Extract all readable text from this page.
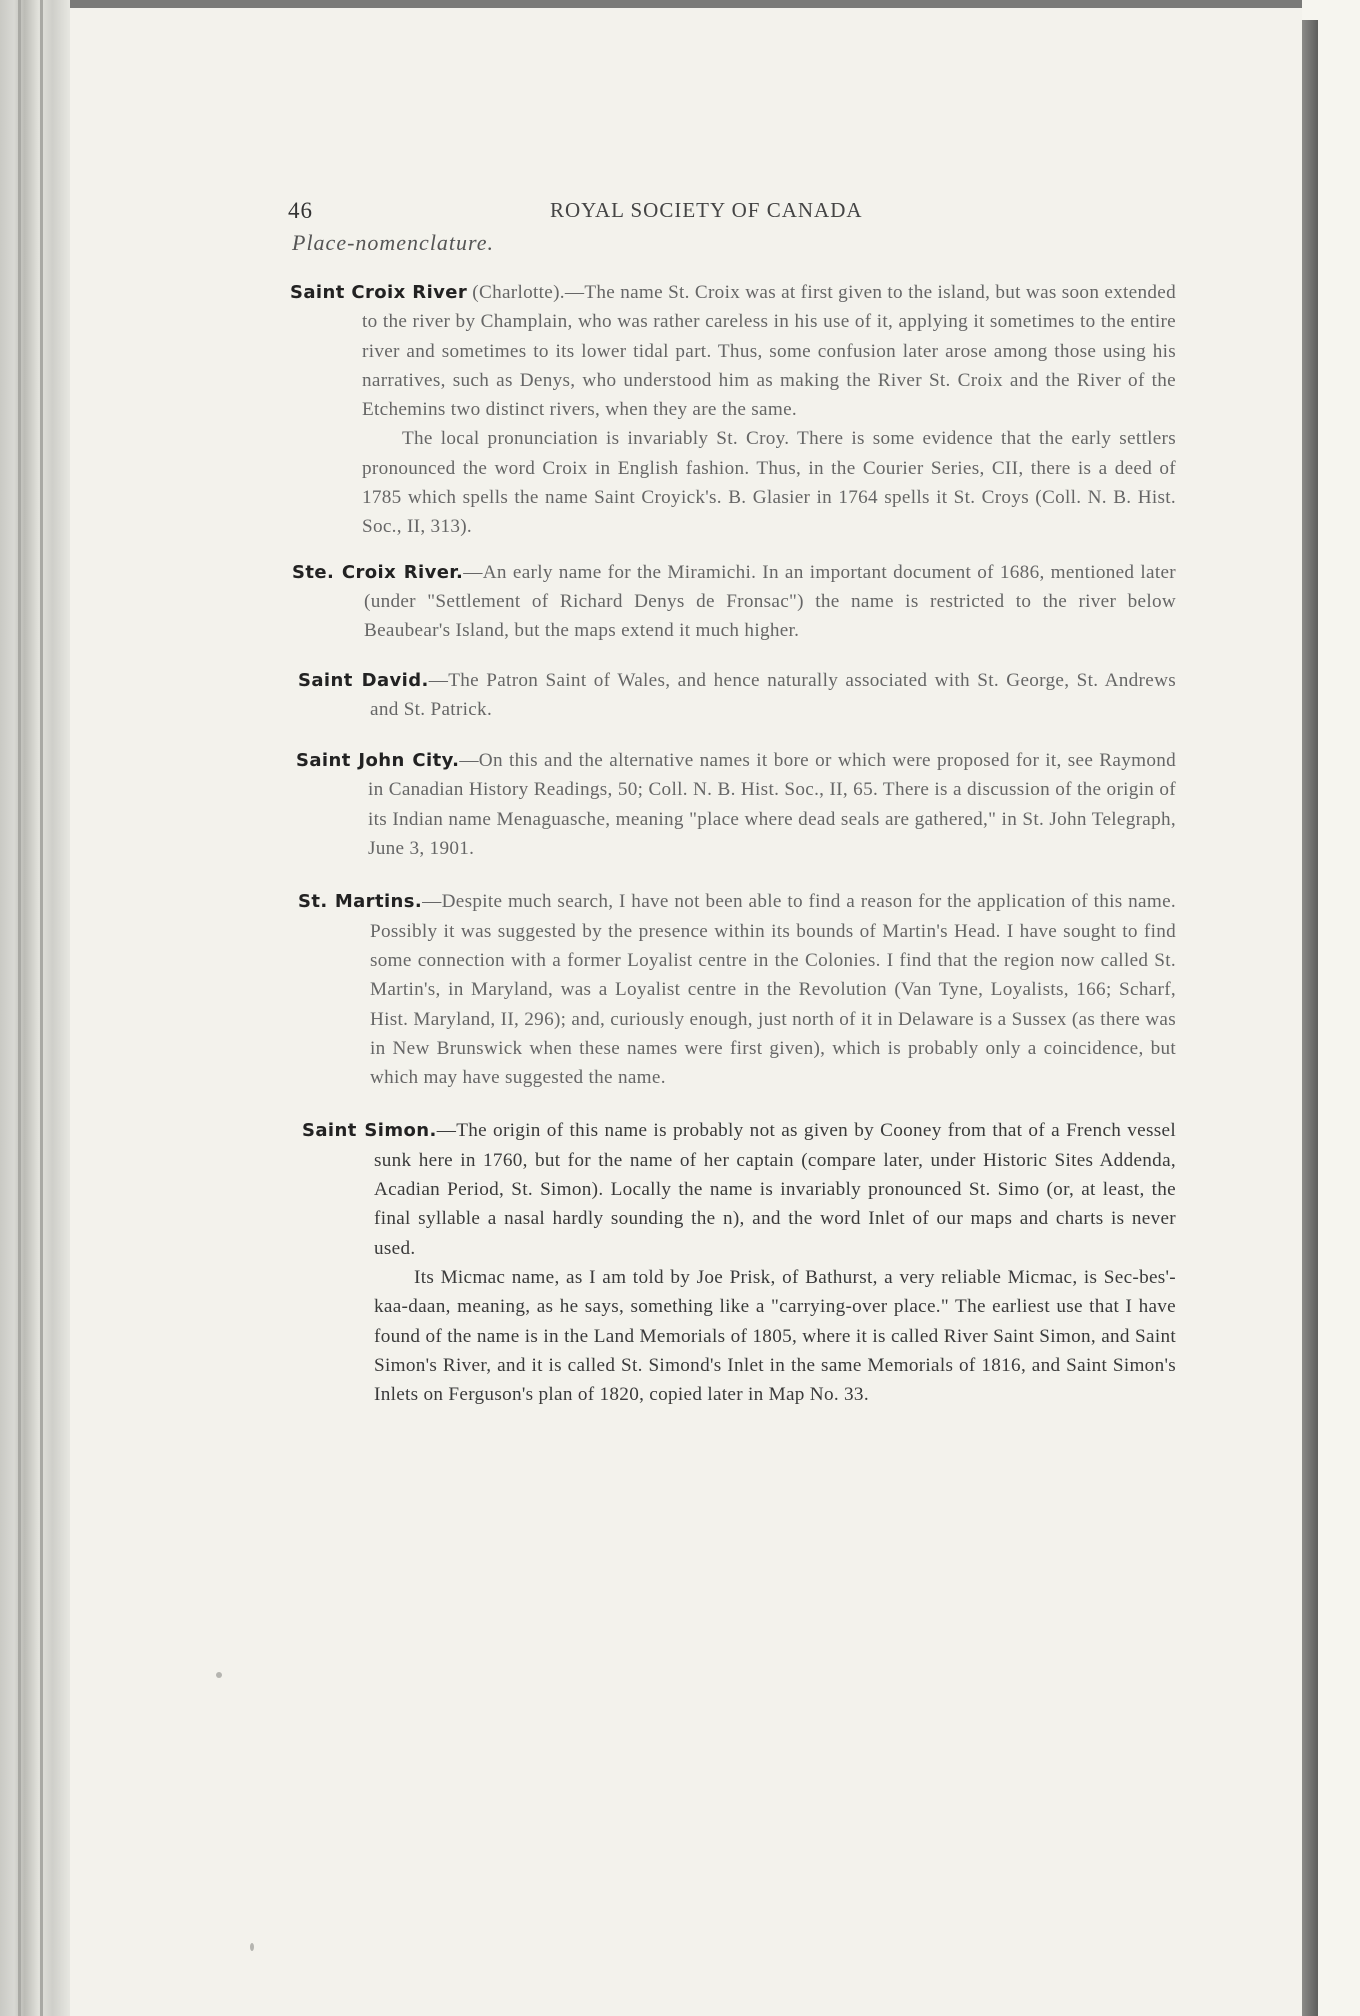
46	ROYAL SOCIETY OF CANADA
Place-nomenclature.

Saint Croix River (Charlotte).—The name St. Croix was at first given to the island, but was soon extended to the river by Champlain, who was rather careless in his use of it, applying it sometimes to the entire river and sometimes to its lower tidal part. Thus, some confusion later arose among those using his narratives, such as Denys, who understood him as making the River St. Croix and the River of the Etchemins two distinct rivers, when they are the same.

The local pronunciation is invariably St. Croy. There is some evidence that the early settlers pronounced the word Croix in English fashion. Thus, in the Courier Series, CII, there is a deed of 1785 which spells the name Saint Croyick's. B. Glasier in 1764 spells it St. Croys (Coll. N. B. Hist. Soc., II, 313).

Ste. Croix River.—An early name for the Miramichi. In an important document of 1686, mentioned later (under "Settlement of Richard Denys de Fronsac") the name is restricted to the river below Beaubear's Island, but the maps extend it much higher.

Saint David.—The Patron Saint of Wales, and hence naturally associated with St. George, St. Andrews and St. Patrick.

Saint John City.—On this and the alternative names it bore or which were proposed for it, see Raymond in Canadian History Readings, 50; Coll. N. B. Hist. Soc., II, 65. There is a discussion of the origin of its Indian name Menaguasche, meaning "place where dead seals are gathered," in St. John Telegraph, June 3, 1901.

St. Martins.—Despite much search, I have not been able to find a reason for the application of this name. Possibly it was suggested by the presence within its bounds of Martin's Head. I have sought to find some connection with a former Loyalist centre in the Colonies. I find that the region now called St. Martin's, in Maryland, was a Loyalist centre in the Revolution (Van Tyne, Loyalists, 166; Scharf, Hist. Maryland, II, 296); and, curiously enough, just north of it in Delaware is a Sussex (as there was in New Brunswick when these names were first given), which is probably only a coincidence, but which may have suggested the name.

Saint Simon.—The origin of this name is probably not as given by Cooney from that of a French vessel sunk here in 1760, but for the name of her captain (compare later, under Historic Sites Addenda, Acadian Period, St. Simon). Locally the name is invariably pronounced St. Simo (or, at least, the final syllable a nasal hardly sounding the n), and the word Inlet of our maps and charts is never used.

Its Micmac name, as I am told by Joe Prisk, of Bathurst, a very reliable Micmac, is Sec-bes'-kaa-daan, meaning, as he says, something like a "carrying-over place." The earliest use that I have found of the name is in the Land Memorials of 1805, where it is called River Saint Simon, and Saint Simon's River, and it is called St. Simond's Inlet in the same Memorials of 1816, and Saint Simon's Inlets on Ferguson's plan of 1820, copied later in Map No. 33.
